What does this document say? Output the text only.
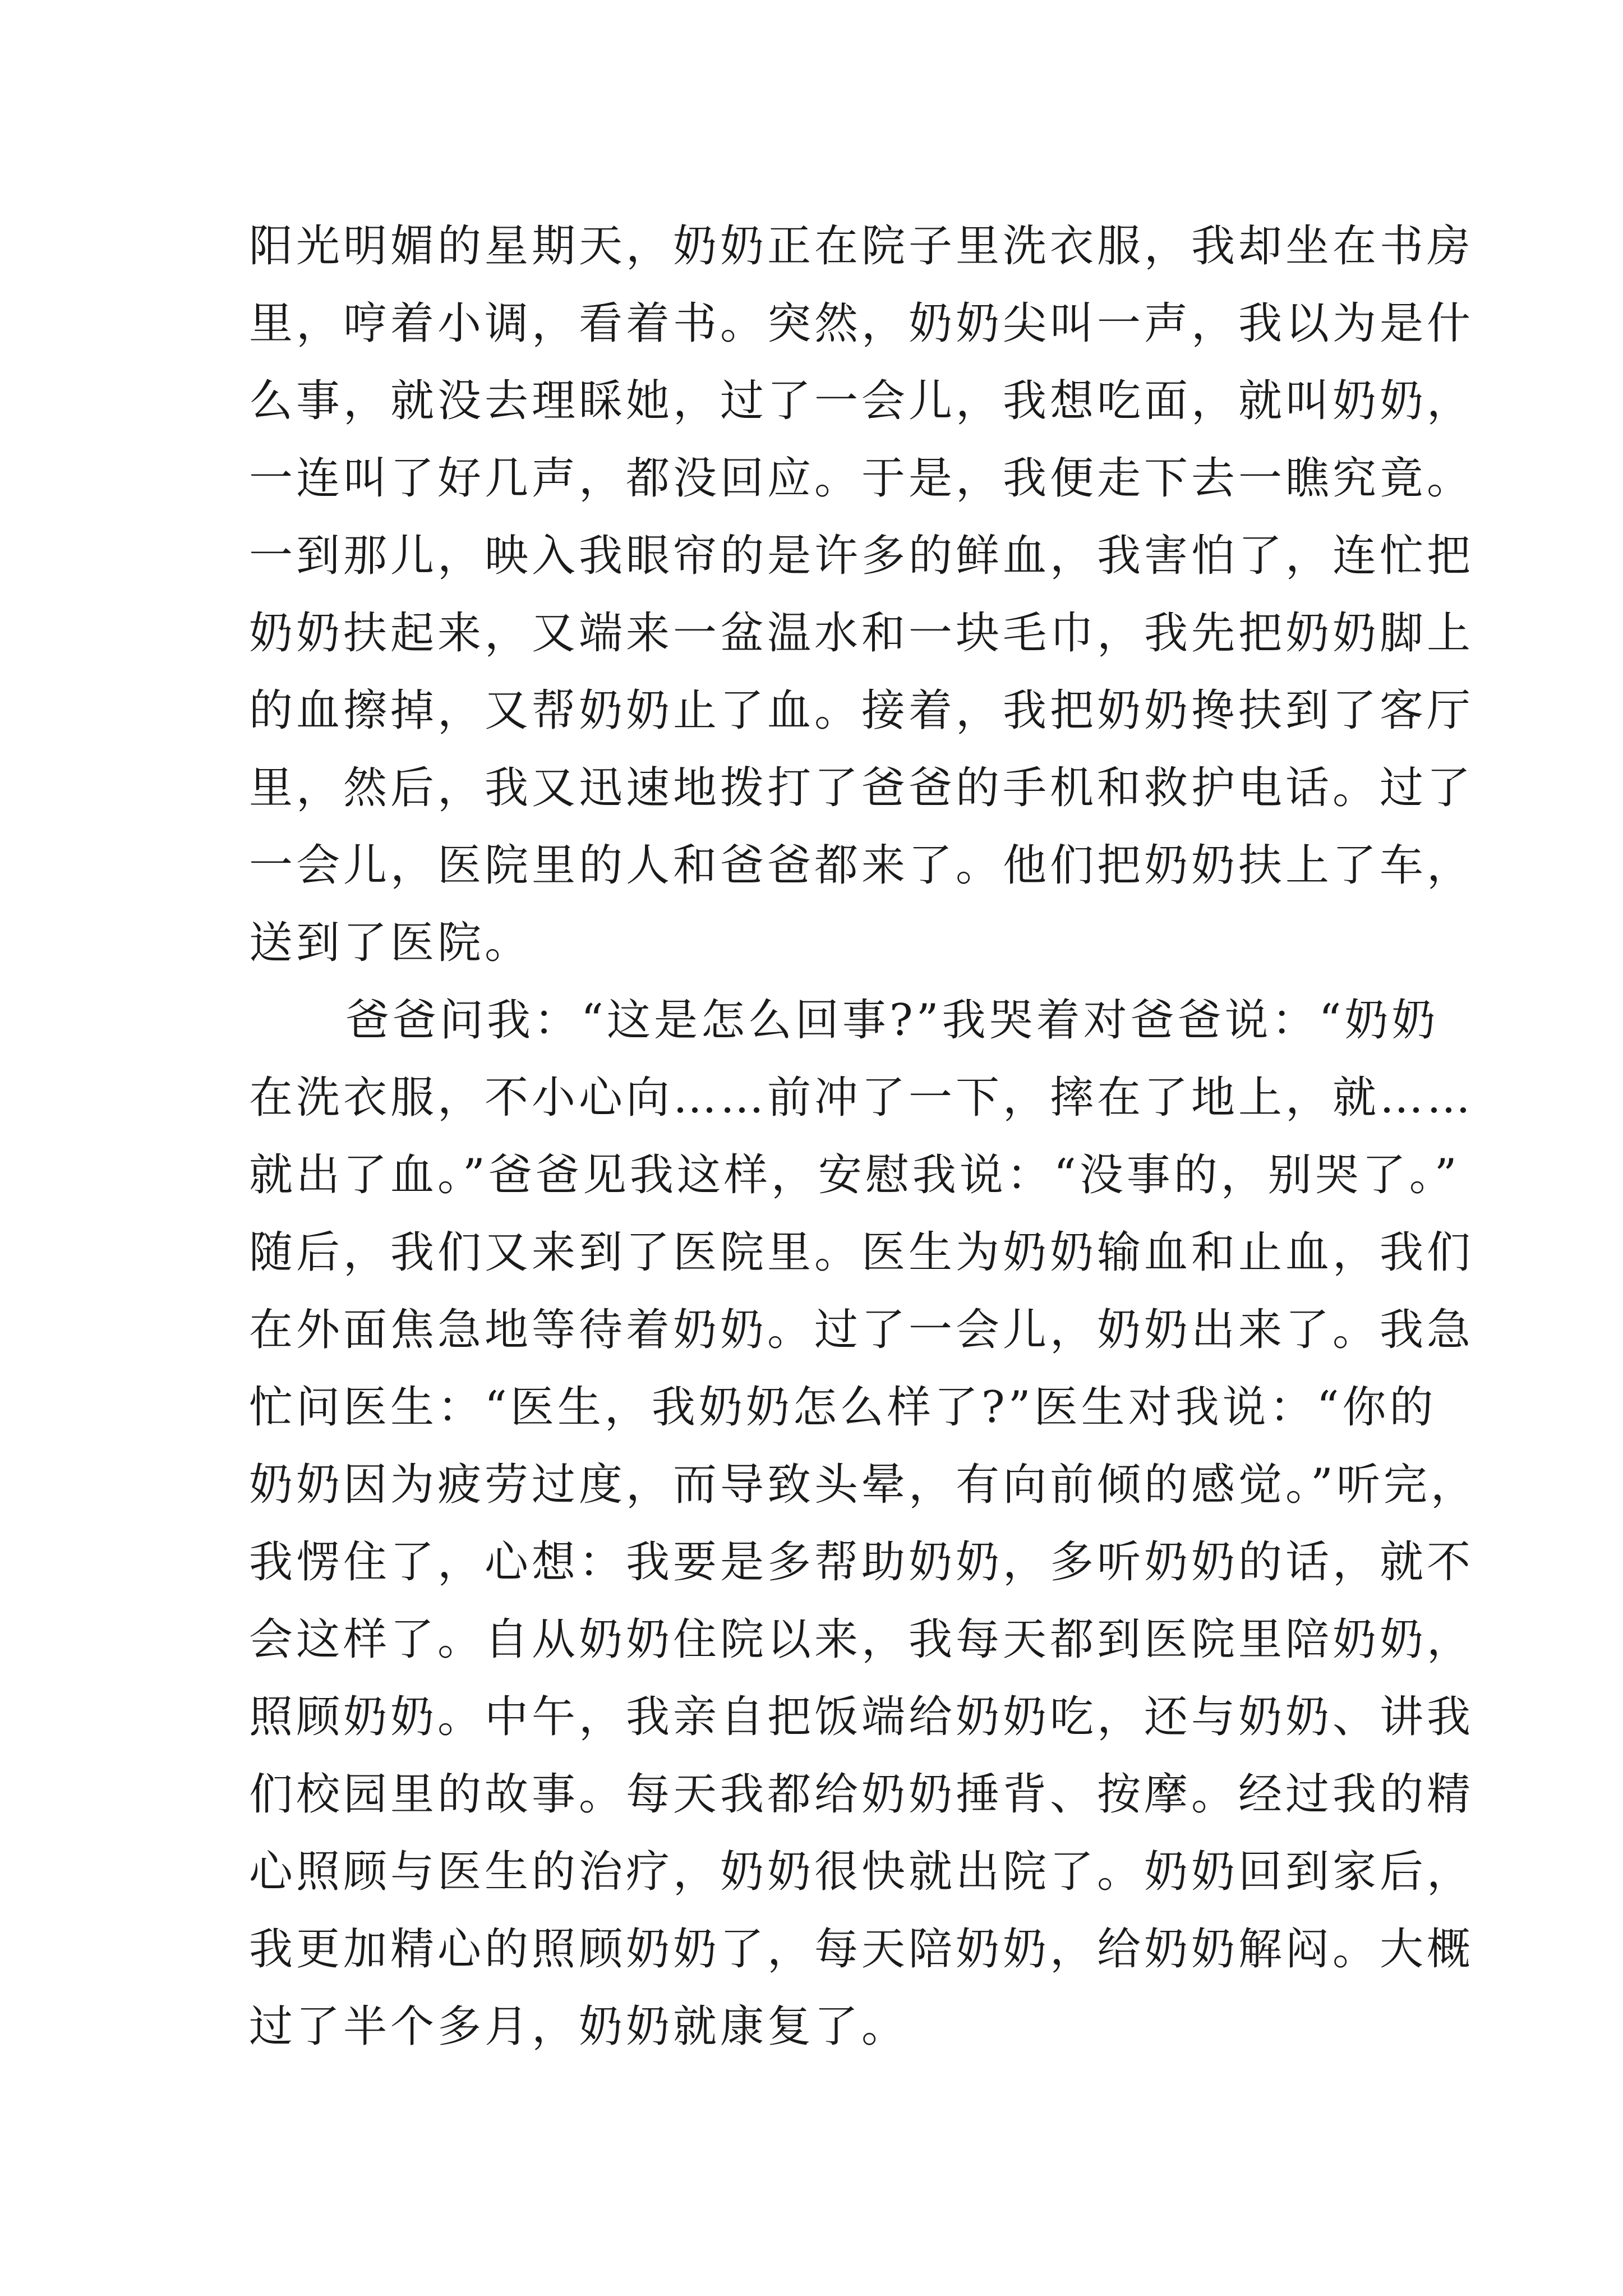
阳光明媚的星期天，奶奶正在院子里洗衣服，我却坐在书房
里，哼着小调，看着书。突然，奶奶尖叫一声，我以为是什
么事，就没去理睬她，过了一会儿，我想吃面，就叫奶奶，
一连叫了好几声，都没回应。于是，我便走下去一瞧究竟。
一到那儿，映入我眼帘的是许多的鲜血，我害怕了，连忙把
奶奶扶起来，又端来一盆温水和一块毛巾，我先把奶奶脚上
的血擦掉，又帮奶奶止了血。接着，我把奶奶搀扶到了客厅
里，然后，我又迅速地拨打了爸爸的手机和救护电话。过了
一会儿，医院里的人和爸爸都来了。他们把奶奶扶上了车，
送到了医院。
爸爸问我：“这是怎么回事?”我哭着对爸爸说：“奶奶
在洗衣服，不小心向……前冲了一下，摔在了地上，就……
就出了血。”爸爸见我这样，安慰我说：“没事的，别哭了。”
随后，我们又来到了医院里。医生为奶奶输血和止血，我们
在外面焦急地等待着奶奶。过了一会儿，奶奶出来了。我急
忙问医生：“医生，我奶奶怎么样了?”医生对我说：“你的
奶奶因为疲劳过度，而导致头晕，有向前倾的感觉。”听完，
我愣住了，心想：我要是多帮助奶奶，多听奶奶的话，就不
会这样了。自从奶奶住院以来，我每天都到医院里陪奶奶，
照顾奶奶。中午，我亲自把饭端给奶奶吃，还与奶奶、讲我
们校园里的故事。每天我都给奶奶捶背、按摩。经过我的精
心照顾与医生的治疗，奶奶很快就出院了。奶奶回到家后，
我更加精心的照顾奶奶了，每天陪奶奶，给奶奶解闷。大概
过了半个多月，奶奶就康复了。
